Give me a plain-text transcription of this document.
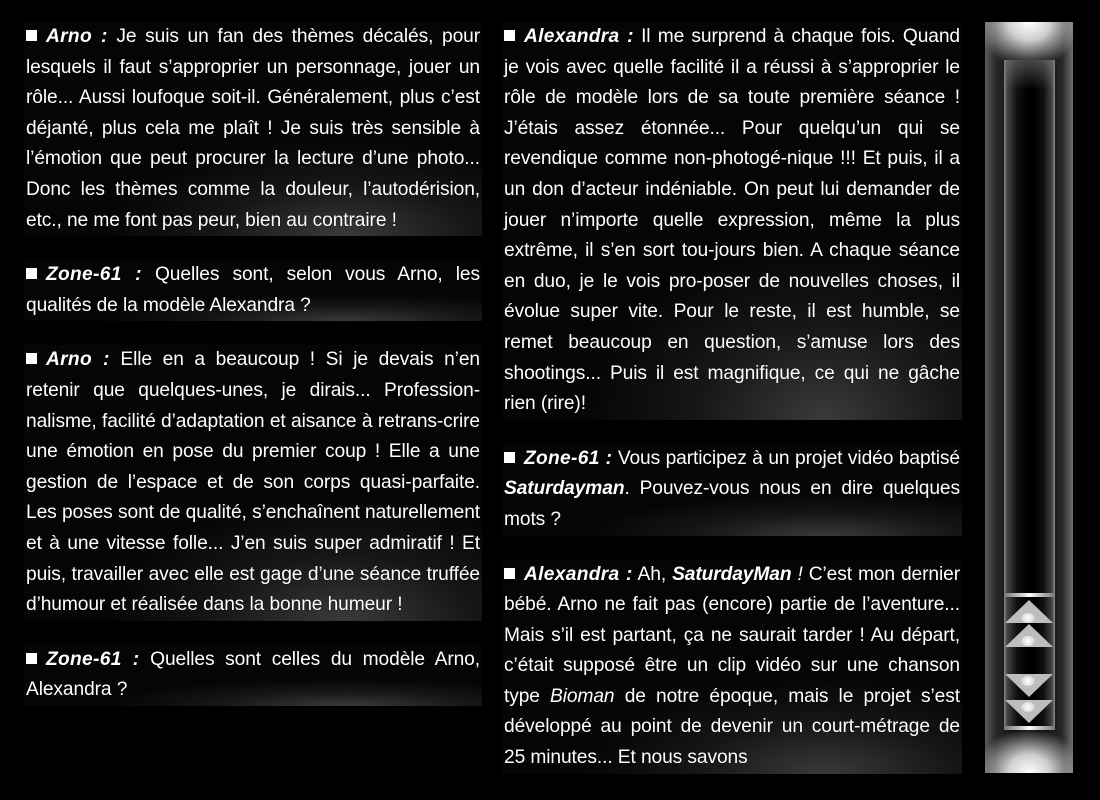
Arno : Je suis un fan des thèmes décalés, pour lesquels il faut s’approprier un personnage, jouer un rôle... Aussi loufoque soit-il. Généralement, plus c’est déjanté, plus cela me plaît ! Je suis très sensible à l’émotion que peut procurer la lecture d’une photo... Donc les thèmes comme la douleur, l’autodérision, etc., ne me font pas peur, bien au contraire !

Zone-61 : Quelles sont, selon vous Arno, les qualités de la modèle Alexandra ?

Arno : Elle en a beaucoup ! Si je devais n’en retenir que quelques-unes, je dirais... Profession-nalisme, facilité d’adaptation et aisance à retrans-crire une émotion en pose du premier coup ! Elle a une gestion de l’espace et de son corps quasi-parfaite. Les poses sont de qualité, s’enchaînent naturellement et à une vitesse folle... J’en suis super admiratif ! Et puis, travailler avec elle est gage d’une séance truffée d’humour et réalisée dans la bonne humeur !

Zone-61 : Quelles sont celles du modèle Arno, Alexandra ?

Alexandra : Il me surprend à chaque fois. Quand je vois avec quelle facilité il a réussi à s’approprier le rôle de modèle lors de sa toute première séance ! J’étais assez étonnée... Pour quelqu’un qui se revendique comme non-photogé-nique !!! Et puis, il a un don d’acteur indéniable. On peut lui demander de jouer n’importe quelle expression, même la plus extrême, il s’en sort tou-jours bien. A chaque séance en duo, je le vois pro-poser de nouvelles choses, il évolue super vite. Pour le reste, il est humble, se remet beaucoup en question, s’amuse lors des shootings... Puis il est magnifique, ce qui ne gâche rien (rire)!

Zone-61 : Vous participez à un projet vidéo baptisé Saturdayman. Pouvez-vous nous en dire quelques mots ?

Alexandra : Ah, SaturdayMan ! C’est mon dernier bébé. Arno ne fait pas (encore) partie de l’aventure... Mais s’il est partant, ça ne saurait tarder ! Au départ, c’était supposé être un clip vidéo sur une chanson type Bioman de notre époque, mais le projet s’est développé au point de devenir un court-métrage de 25 minutes... Et nous savons
